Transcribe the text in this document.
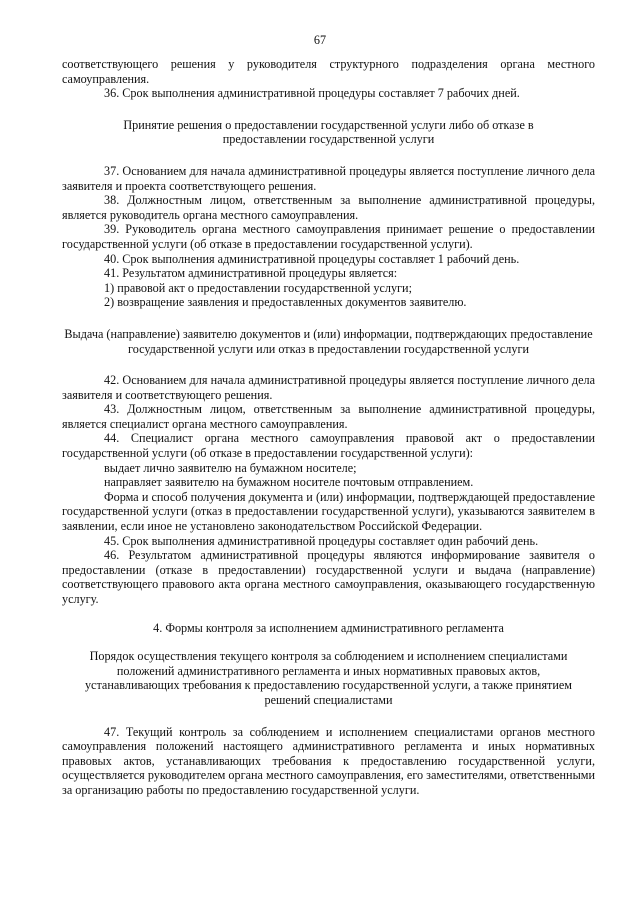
67

соответствующего решения у руководителя структурного подразделения органа местного самоуправления.

36. Срок выполнения административной процедуры составляет 7 рабочих дней.

Принятие решения о предоставлении государственной услуги либо об отказе в предоставлении государственной услуги

37. Основанием для начала административной процедуры является поступление личного дела заявителя и проекта соответствующего решения.

38. Должностным лицом, ответственным за выполнение административной процедуры, является руководитель органа местного самоуправления.

39. Руководитель органа местного самоуправления принимает решение о предоставлении государственной услуги (об отказе в предоставлении государственной услуги).

40. Срок выполнения административной процедуры составляет 1 рабочий день.

41. Результатом административной процедуры является:

1) правовой акт о предоставлении государственной услуги;

2) возвращение заявления и предоставленных документов заявителю.

Выдача (направление) заявителю документов и (или) информации, подтверждающих предоставление государственной услуги или отказ в предоставлении государственной услуги

42. Основанием для начала административной процедуры является поступление личного дела заявителя и соответствующего решения.

43. Должностным лицом, ответственным за выполнение административной процедуры, является специалист органа местного самоуправления.

44. Специалист органа местного самоуправления правовой акт о предоставлении государственной услуги (об отказе в предоставлении государственной услуги):

выдает лично заявителю на бумажном носителе;

направляет заявителю на бумажном носителе почтовым отправлением.

Форма и способ получения документа и (или) информации, подтверждающей предоставление государственной услуги (отказ в предоставлении государственной услуги), указываются заявителем в заявлении, если иное не установлено законодательством Российской Федерации.

45. Срок выполнения административной процедуры составляет один рабочий день.

46. Результатом административной процедуры являются информирование заявителя о предоставлении (отказе в предоставлении) государственной услуги и выдача (направление) соответствующего правового акта органа местного самоуправления, оказывающего государственную услугу.

4. Формы контроля за исполнением административного регламента

Порядок осуществления текущего контроля за соблюдением и исполнением специалистами положений административного регламента и иных нормативных правовых актов, устанавливающих требования к предоставлению государственной услуги, а также принятием решений специалистами

47. Текущий контроль за соблюдением и исполнением специалистами органов местного самоуправления положений настоящего административного регламента и иных нормативных правовых актов, устанавливающих требования к предоставлению государственной услуги, осуществляется руководителем органа местного самоуправления, его заместителями, ответственными за организацию работы по предоставлению государственной услуги.
